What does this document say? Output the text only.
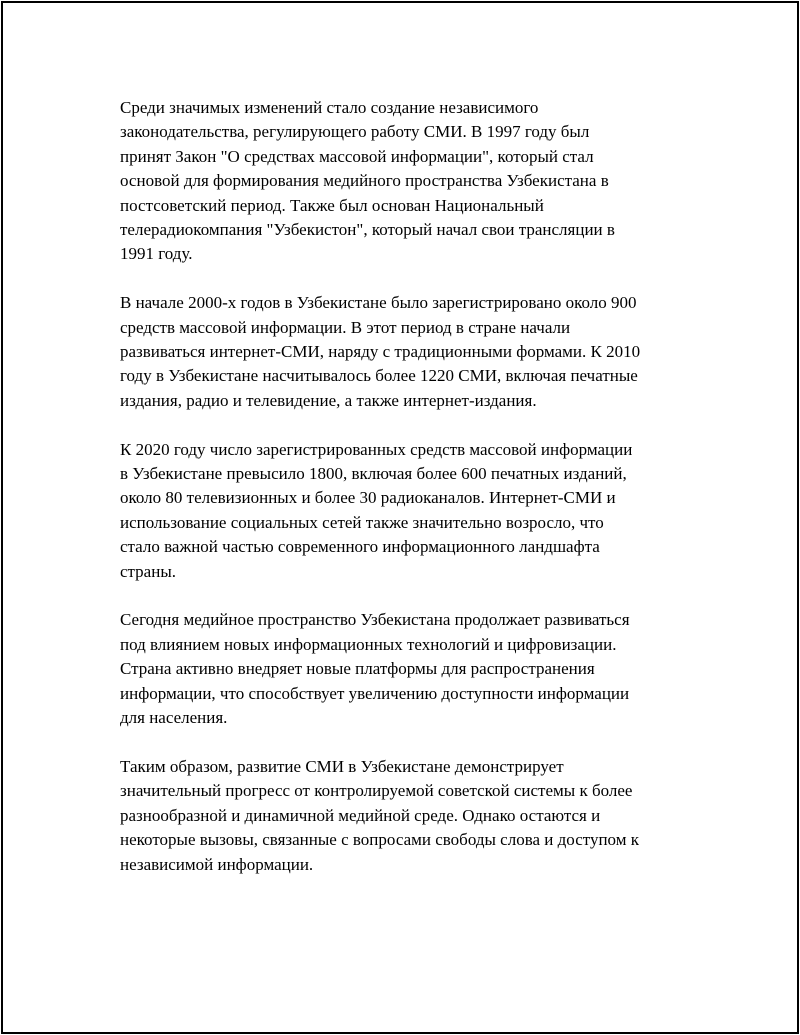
Среди значимых изменений стало создание независимого
законодательства, регулирующего работу СМИ. В 1997 году был
принят Закон "О средствах массовой информации", который стал
основой для формирования медийного пространства Узбекистана в
постсоветский период. Также был основан Национальный
телерадиокомпания "Узбекистон", который начал свои трансляции в
1991 году.

В начале 2000-х годов в Узбекистане было зарегистрировано около 900
средств массовой информации. В этот период в стране начали
развиваться интернет-СМИ, наряду с традиционными формами. К 2010
году в Узбекистане насчитывалось более 1220 СМИ, включая печатные
издания, радио и телевидение, а также интернет-издания.

К 2020 году число зарегистрированных средств массовой информации
в Узбекистане превысило 1800, включая более 600 печатных изданий,
около 80 телевизионных и более 30 радиоканалов. Интернет-СМИ и
использование социальных сетей также значительно возросло, что
стало важной частью современного информационного ландшафта
страны.

Сегодня медийное пространство Узбекистана продолжает развиваться
под влиянием новых информационных технологий и цифровизации.
Страна активно внедряет новые платформы для распространения
информации, что способствует увеличению доступности информации
для населения.

Таким образом, развитие СМИ в Узбекистане демонстрирует
значительный прогресс от контролируемой советской системы к более
разнообразной и динамичной медийной среде. Однако остаются и
некоторые вызовы, связанные с вопросами свободы слова и доступом к
независимой информации.
